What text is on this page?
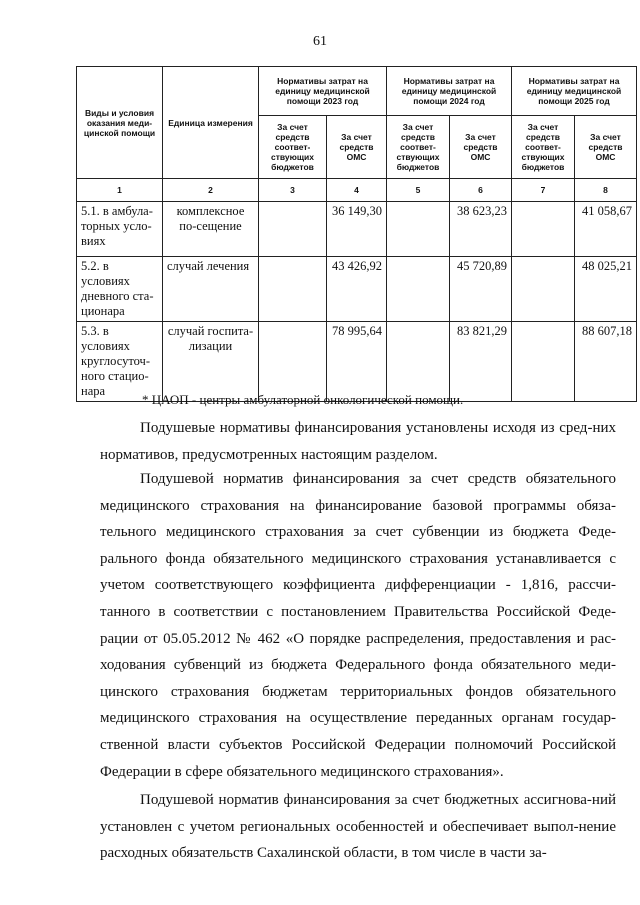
61
Виды и условия оказания меди-цинской помощи	Единица измерения	Нормативы затрат на единицу медицинской помощи 2023 год		Нормативы затрат на единицу медицинской помощи 2024 год		Нормативы затрат на единицу медицинской помощи 2025 год	
		За счет средств соответ-ствующих бюджетов	За счет средств ОМС	За счет средств соответ-ствующих бюджетов	За счет средств ОМС	За счет средств соответ-ствующих бюджетов	За счет средств ОМС
1	2	3	4	5	6	7	8
5.1. в амбула-торных усло-виях	комплексное по-сещение		36 149,30		38 623,23		41 058,67
5.2. в условиях дневного ста-ционара	случай лечения		43 426,92		45 720,89		48 025,21
5.3. в условиях круглосуточ-ного стацио-нара	случай госпита-лизации		78 995,64		83 821,29		88 607,18
* ЦАОП - центры амбулаторной онкологической помощи.

Подушевые нормативы финансирования установлены исходя из сред-них нормативов, предусмотренных настоящим разделом.

Подушевой норматив финансирования за счет средств обязательного медицинского страхования на финансирование базовой программы обяза-тельного медицинского страхования за счет субвенции из бюджета Феде-рального фонда обязательного медицинского страхования устанавливается с учетом соответствующего коэффициента дифференциации - 1,816, рассчи-танного в соответствии с постановлением Правительства Российской Феде-рации от 05.05.2012 № 462 «О порядке распределения, предоставления и рас-ходования субвенций из бюджета Федерального фонда обязательного меди-цинского страхования бюджетам территориальных фондов обязательного медицинского страхования на осуществление переданных органам государ-ственной власти субъектов Российской Федерации полномочий Российской Федерации в сфере обязательного медицинского страхования».

Подушевой норматив финансирования за счет бюджетных ассигнова-ний установлен с учетом региональных особенностей и обеспечивает выпол-нение расходных обязательств Сахалинской области, в том числе в части за-
